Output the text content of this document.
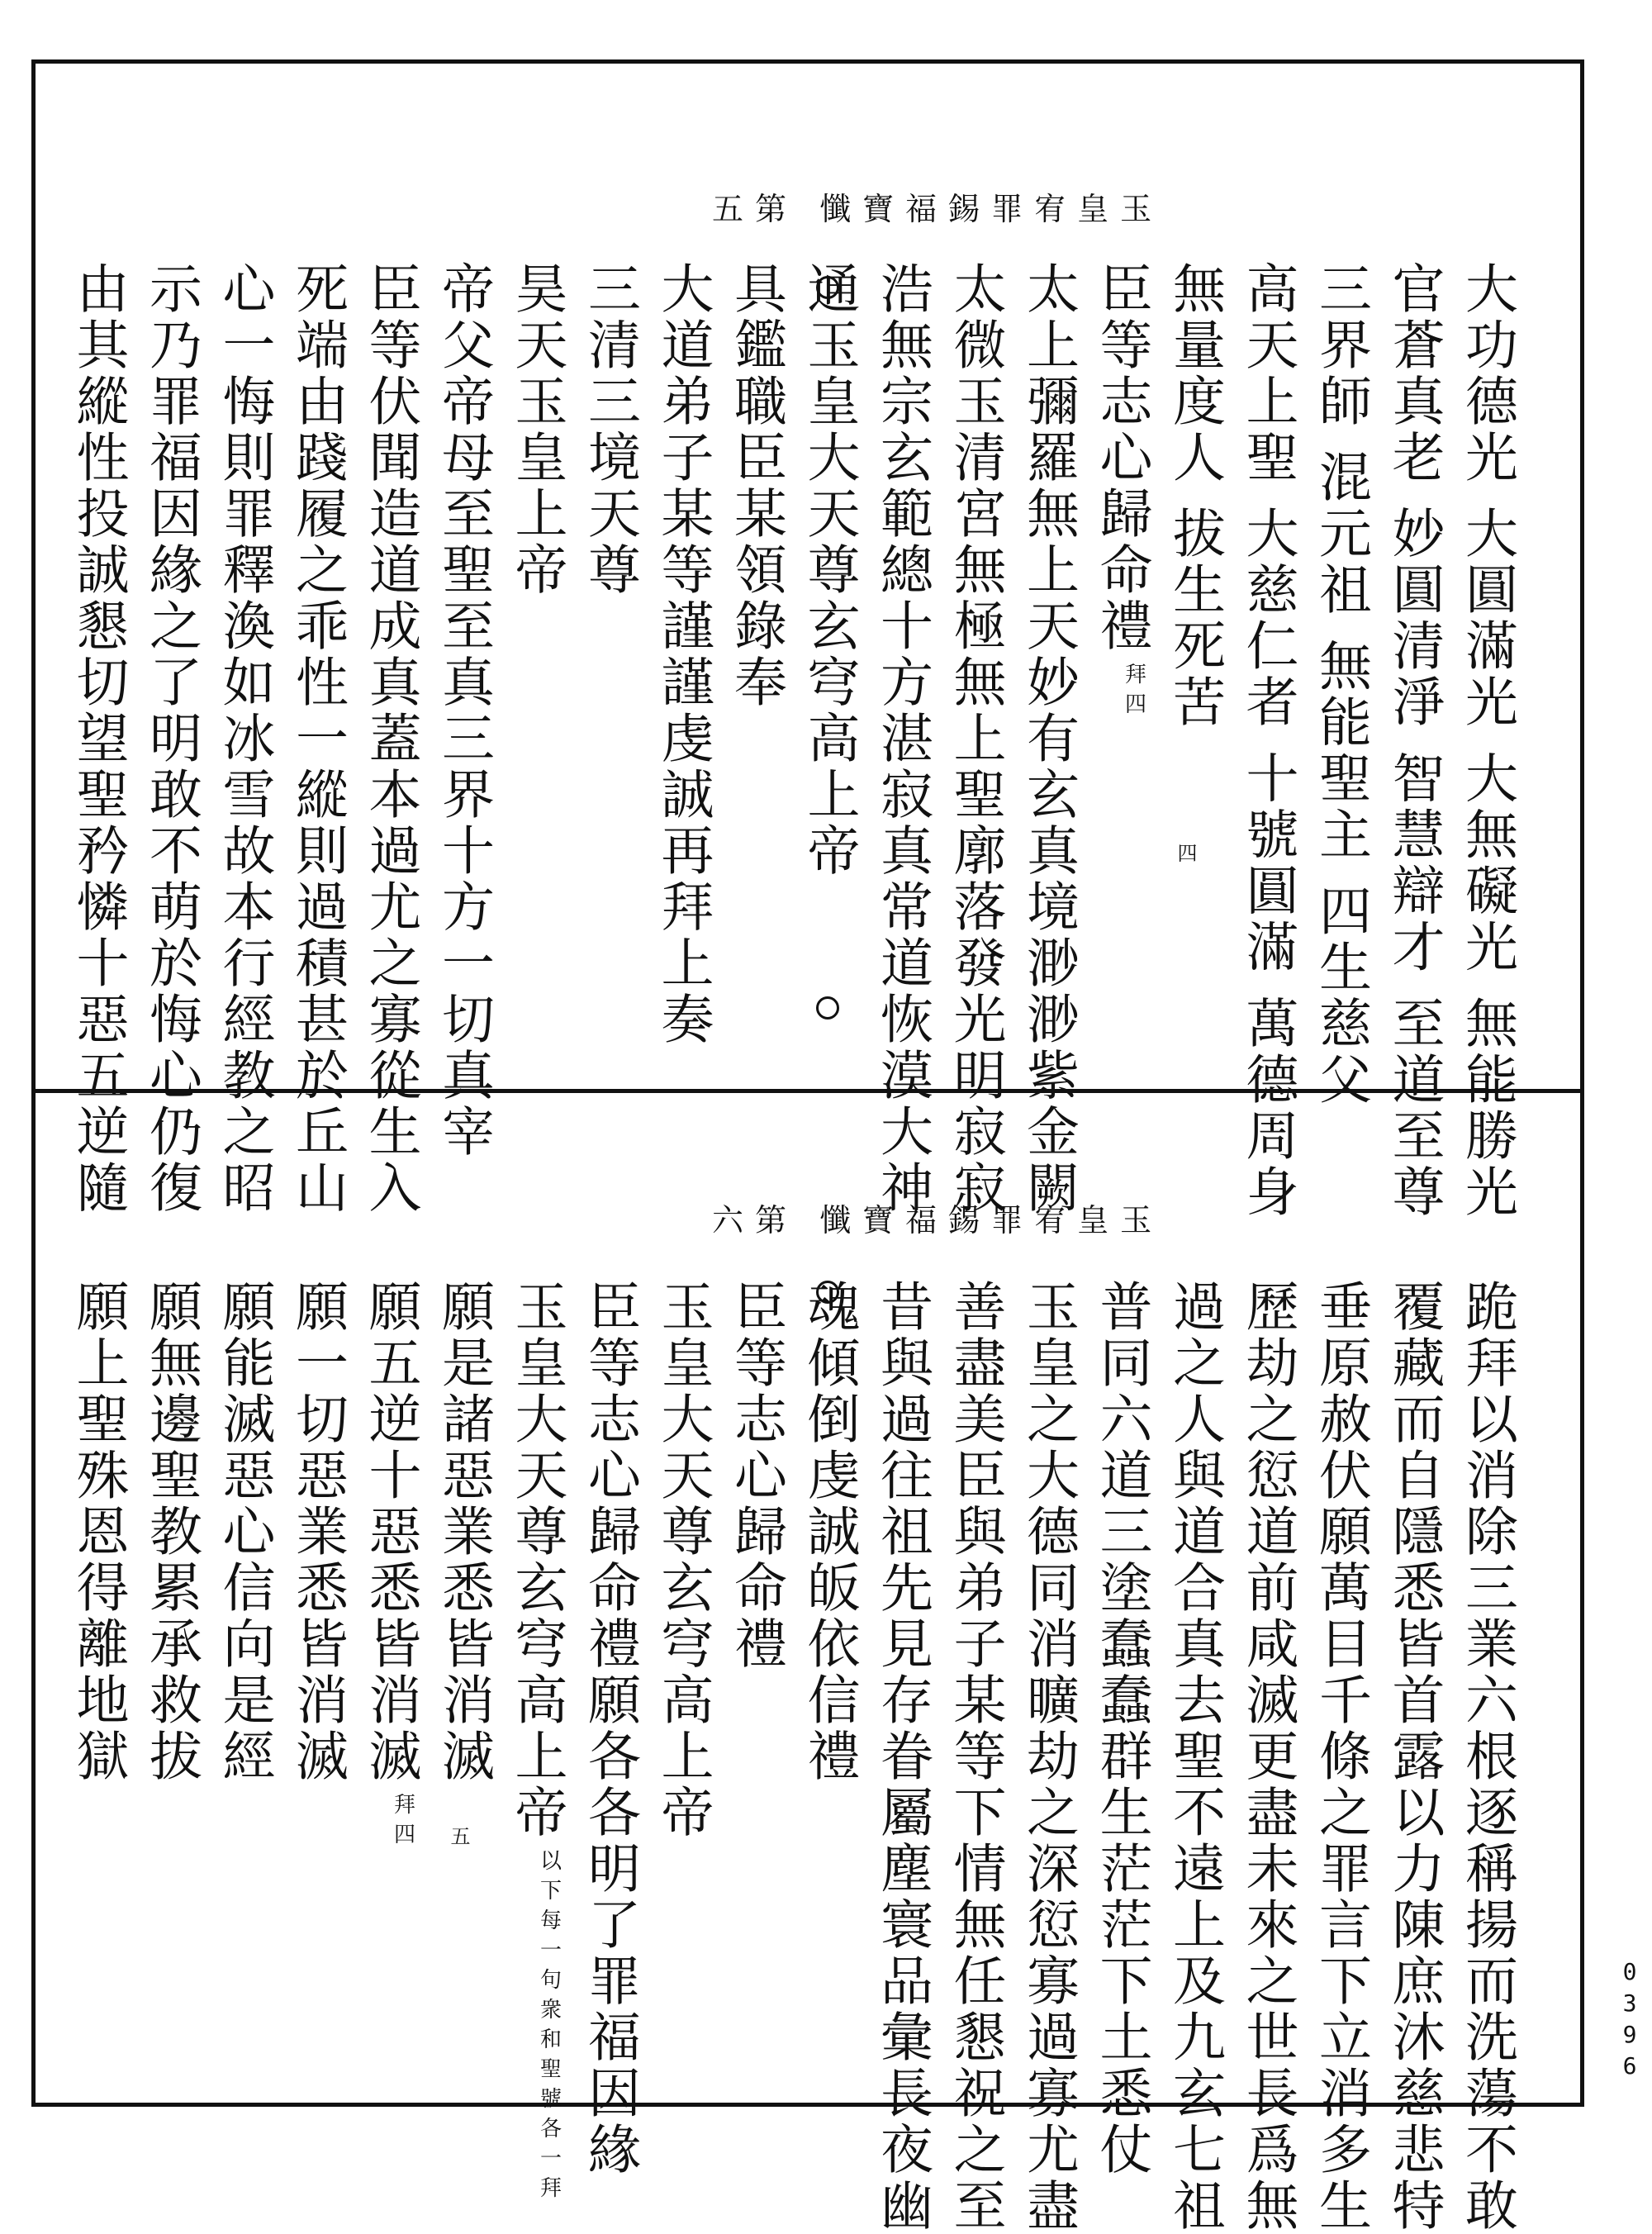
玉皇宥罪錫福寶懺 第五
大功德光 大圓滿光 大無礙光 無能勝光
官蒼真老 妙圓清淨 智慧辯才 至道至尊
三界師 混元祖 無能聖主 四生慈父
高天上聖 大慈仁者 十號圓滿 萬德周身
無量度人 拔生死苦
臣等志心歸命禮
拜四
太上彌羅無上天妙有玄真境渺渺紫金闕
太微玉清宮無極無上聖廓落發光明寂寂
浩無宗玄範總十方湛寂真常道恢漠大神
通玉皇大天尊玄穹高上帝
具鑑職臣某領錄奉
大道弟子某等謹謹虔誠再拜上奏
三清三境天尊
昊天玉皇上帝
帝父帝母至聖至真三界十方一切真宰
臣等伏聞造道成真蓋本過尤之寡從生入
死端由踐履之乖性一縱則過積甚於丘山
心一悔則罪釋渙如冰雪故本行經教之昭
示乃罪福因緣之了明敢不萌於悔心仍復
由其縱性投誠懇切望聖矜憐十惡五逆隨	四
玉皇宥罪錫福寶懺 第六
跪拜以消除三業六根逐稱揚而洗蕩不敢
覆藏而自隱悉皆首露以力陳庶沐慈悲特
垂原赦伏願萬目千條之罪言下立消多生
歷劫之愆道前咸滅更盡未來之世長爲無
過之人與道合真去聖不遠上及九玄七祖
普同六道三塗蠢蠢群生茫茫下土悉仗
玉皇之大德同消曠劫之深愆寡過寡尤盡
善盡美臣與弟子某等下情無任懇祝之至
昔與過往祖先見存眷屬塵寰品彙長夜幽
魂傾倒虔誠皈依信禮
臣等志心歸命禮
玉皇大天尊玄穹高上帝
臣等志心歸命禮願各各明了罪福因緣
玉皇大天尊玄穹高上帝
以下每一句衆和聖號各一拜
願是諸惡業悉皆消滅
願五逆十惡悉皆消滅
拜四
願一切惡業悉皆消滅
願能滅惡心信向是經
願無邊聖教累承救拔
願上聖殊恩得離地獄
五
0
3
9
6
